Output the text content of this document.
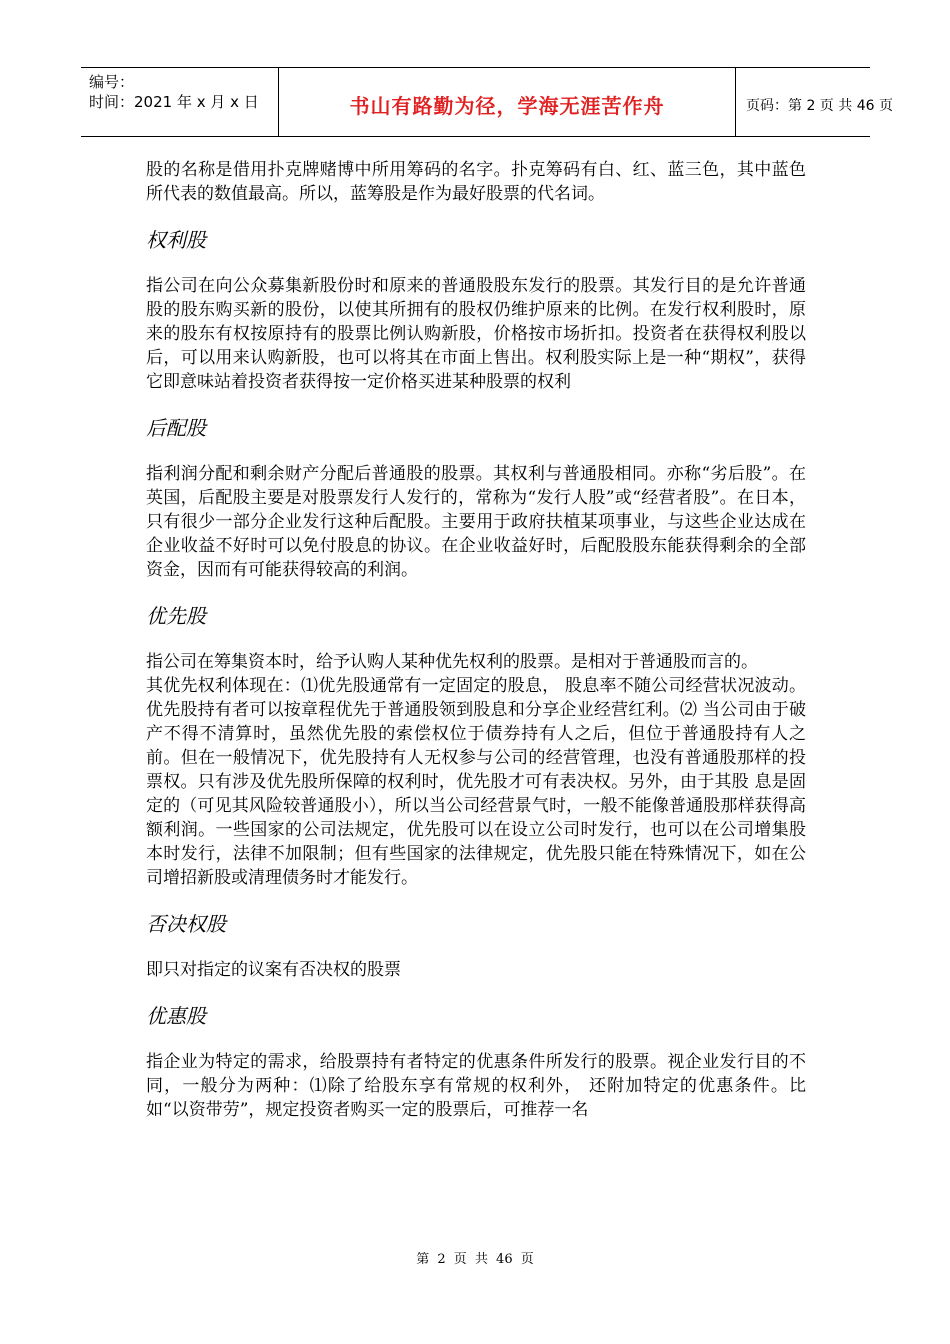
编号：
时间：2021 年 x 月 x 日	书山有路勤为径，学海无涯苦作舟	页码：第 2 页 共 46 页

股的名称是借用扑克牌赌博中所用筹码的名字。扑克筹码有白、红、蓝三色，其中蓝色所代表的数值最高。所以，蓝筹股是作为最好股票的代名词。

权利股

指公司在向公众募集新股份时和原来的普通股股东发行的股票。其发行目的是允许普通股的股东购买新的股份，以使其所拥有的股权仍维护原来的比例。在发行权利股时，原来的股东有权按原持有的股票比例认购新股，价格按市场折扣。投资者在获得权利股以后，可以用来认购新股，也可以将其在市面上售出。权利股实际上是一种“期权”，获得它即意味站着投资者获得按一定价格买进某种股票的权利

后配股

指利润分配和剩余财产分配后普通股的股票。其权利与普通股相同。亦称“劣后股”。在英国，后配股主要是对股票发行人发行的，常称为“发行人股”或“经营者股”。在日本，只有很少一部分企业发行这种后配股。主要用于政府扶植某项事业，与这些企业达成在企业收益不好时可以免付股息的协议。在企业收益好时，后配股股东能获得剩余的全部资金，因而有可能获得较高的利润。

优先股

指公司在筹集资本时，给予认购人某种优先权利的股票。是相对于普通股而言的。

其优先权利体现在：⑴优先股通常有一定固定的股息， 股息率不随公司经营状况波动。优先股持有者可以按章程优先于普通股领到股息和分享企业经营红利。⑵ 当公司由于破产不得不清算时，虽然优先股的索偿权位于债券持有人之后，但位于普通股持有人之前。但在一般情况下，优先股持有人无权参与公司的经营管理，也没有普通股那样的投票权。只有涉及优先股所保障的权利时，优先股才可有表决权。另外，由于其股 息是固定的（可见其风险较普通股小），所以当公司经营景气时，一般不能像普通股那样获得高额利润。一些国家的公司法规定，优先股可以在设立公司时发行，也可以在公司增集股本时发行，法律不加限制；但有些国家的法律规定，优先股只能在特殊情况下，如在公司增招新股或清理债务时才能发行。

否决权股

即只对指定的议案有否决权的股票

优惠股

指企业为特定的需求，给股票持有者特定的优惠条件所发行的股票。视企业发行目的不同，一般分为两种：⑴除了给股东享有常规的权利外， 还附加特定的优惠条件。比如“以资带劳”，规定投资者购买一定的股票后，可推荐一名

第 2 页 共 46 页
